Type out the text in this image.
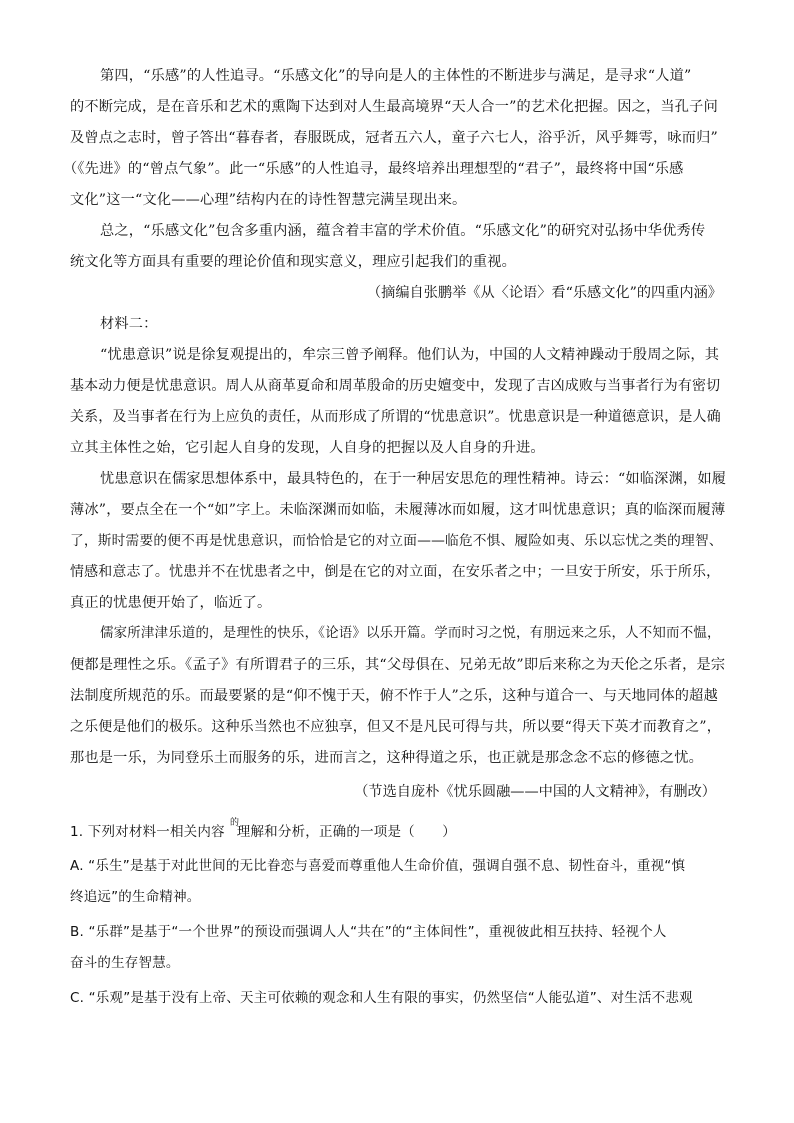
第四，“乐感”的人性追寻。“乐感文化”的导向是人的主体性的不断进步与满足，是寻求“人道”
的不断完成，是在音乐和艺术的熏陶下达到对人生最高境界“天人合一”的艺术化把握。因之，当孔子问
及曾点之志时，曾子答出“暮春者，春服既成，冠者五六人，童子六七人，浴乎沂，风乎舞雩，咏而归”
（《先进》的“曾点气象”。此一“乐感”的人性追寻，最终培养出理想型的“君子”，最终将中国“乐感
文化”这一“文化——心理”结构内在的诗性智慧完满呈现出来。
总之，“乐感文化”包含多重内涵，蕴含着丰富的学术价值。“乐感文化”的研究对弘扬中华优秀传
统文化等方面具有重要的理论价值和现实意义，理应引起我们的重视。
（摘编自张鹏举《从〈论语〉看“乐感文化”的四重内涵》
材料二：
“忧患意识”说是徐复观提出的，牟宗三曾予阐释。他们认为，中国的人文精神躁动于殷周之际，其
基本动力便是忧患意识。周人从商革夏命和周革殷命的历史嬗变中，发现了吉凶成败与当事者行为有密切
关系，及当事者在行为上应负的责任，从而形成了所谓的“忧患意识”。忧患意识是一种道德意识，是人确
立其主体性之始，它引起人自身的发现，人自身的把握以及人自身的升进。
忧患意识在儒家思想体系中，最具特色的，在于一种居安思危的理性精神。诗云：“如临深渊，如履
薄冰”，要点全在一个“如”字上。未临深渊而如临，未履薄冰而如履，这才叫忧患意识；真的临深而履薄
了，斯时需要的便不再是忧患意识，而恰恰是它的对立面——临危不惧、履险如夷、乐以忘忧之类的理智、
情感和意志了。忧患并不在忧患者之中，倒是在它的对立面，在安乐者之中；一旦安于所安，乐于所乐，
真正的忧患便开始了，临近了。
儒家所津津乐道的，是理性的快乐，《论语》以乐开篇。学而时习之悦，有朋远来之乐，人不知而不愠，
便都是理性之乐。《孟子》有所谓君子的三乐，其“父母俱在、兄弟无故”即后来称之为天伦之乐者，是宗
法制度所规范的乐。而最要紧的是“仰不愧于天，俯不怍于人”之乐，这种与道合一、与天地同体的超越
之乐便是他们的极乐。这种乐当然也不应独享，但又不是凡民可得与共，所以要“得天下英才而教育之”，
那也是一乐，为同登乐土而服务的乐，进而言之，这种得道之乐，也正就是那念念不忘的修德之忧。
（节选自庞朴《忧乐圆融——中国的人文精神》，有删改）
1. 下列对材料一相关内容 理解和分析，正确的一项是（　　）
的
A. “乐生”是基于对此世间的无比眷恋与喜爱而尊重他人生命价值，强调自强不息、韧性奋斗，重视“慎
终追远”的生命精神。
B. “乐群”是基于“一个世界”的预设而强调人人“共在”的“主体间性”，重视彼此相互扶持、轻视个人
奋斗的生存智慧。
C. “乐观”是基于没有上帝、天主可依赖的观念和人生有限的事实，仍然坚信“人能弘道”、对生活不悲观
